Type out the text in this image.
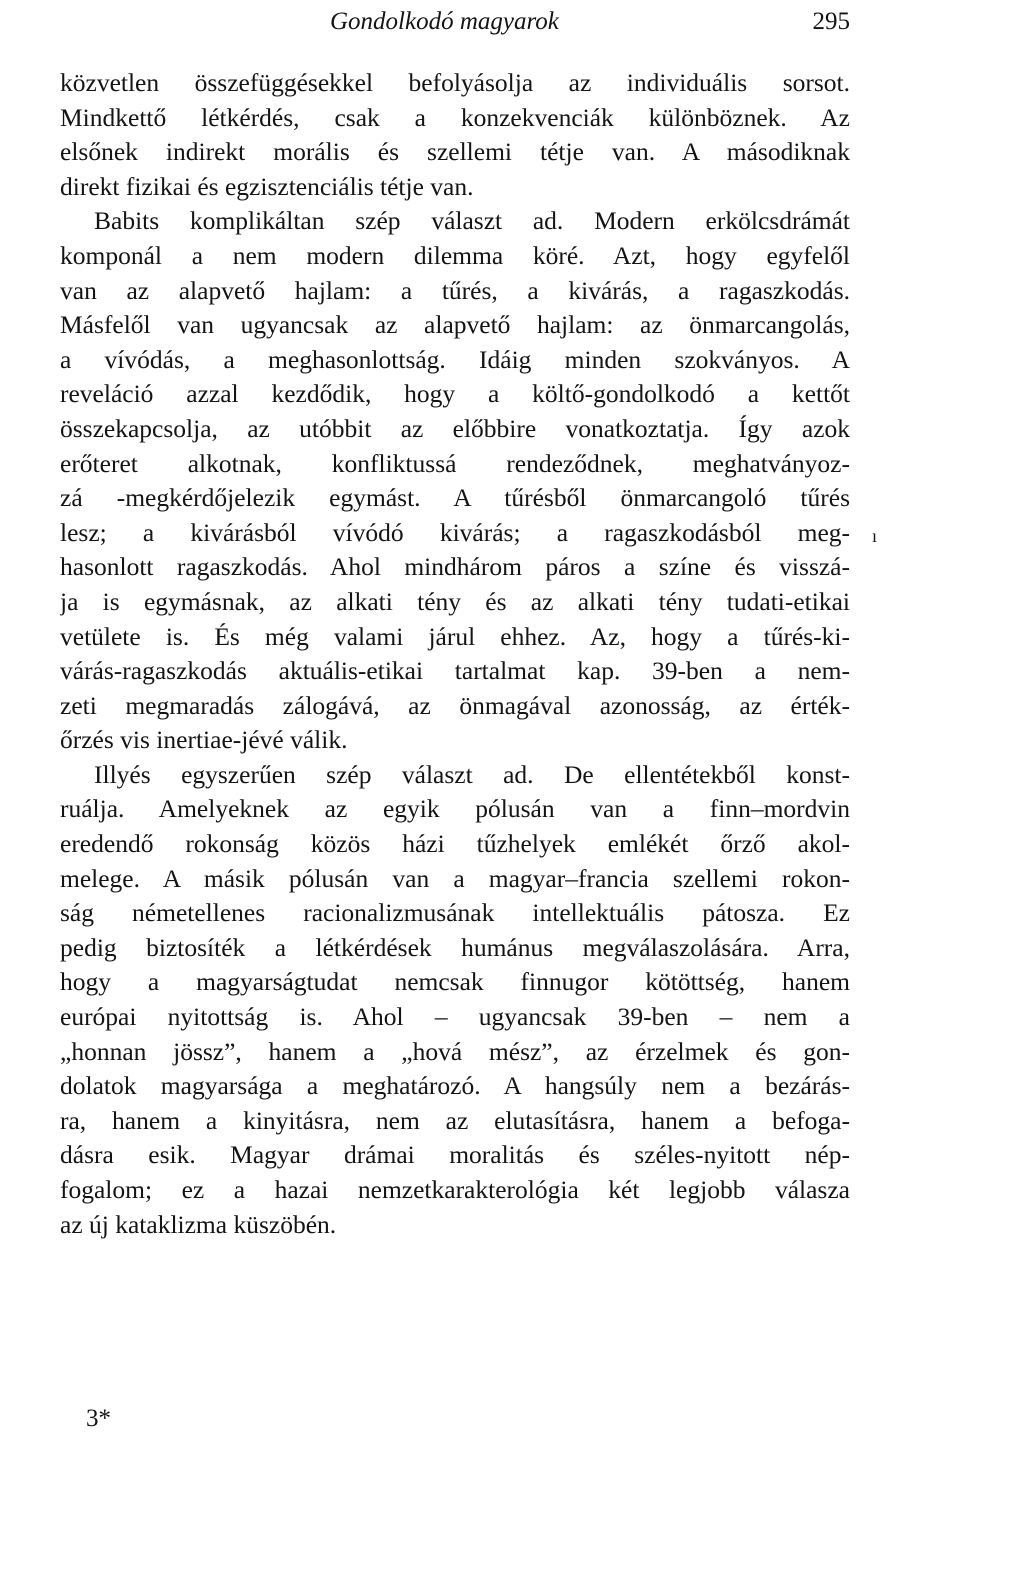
Gondolkodó magyarok	295
közvetlen összefüggésekkel befolyásolja az individuális sorsot.
Mindkettő létkérdés, csak a konzekvenciák különböznek. Az
elsőnek indirekt morális és szellemi tétje van. A másodiknak
direkt fizikai és egzisztenciális tétje van.
Babits komplikáltan szép választ ad. Modern erkölcsdrámát
komponál a nem modern dilemma köré. Azt, hogy egyfelől
van az alapvető hajlam: a tűrés, a kivárás, a ragaszkodás.
Másfelől van ugyancsak az alapvető hajlam: az önmarcangolás,
a vívódás, a meghasonlottság. Idáig minden szokványos. A
reveláció azzal kezdődik, hogy a költő-gondolkodó a kettőt
összekapcsolja, az utóbbit az előbbire vonatkoztatja. Így azok
erőteret alkotnak, konfliktussá rendeződnek, meghatványoz-
zá -megkérdőjelezik egymást. A tűrésből önmarcangoló tűrés
lesz; a kivárásból vívódó kivárás; a ragaszkodásból meg-
hasonlott ragaszkodás. Ahol mindhárom páros a színe és visszá-
ja is egymásnak, az alkati tény és az alkati tény tudati-etikai
vetülete is. És még valami járul ehhez. Az, hogy a tűrés-ki-
várás-ragaszkodás aktuális-etikai tartalmat kap. 39-ben a nem-
zeti megmaradás zálogává, az önmagával azonosság, az érték-
őrzés vis inertiae-jévé válik.
Illyés egyszerűen szép választ ad. De ellentétekből konst-
ruálja. Amelyeknek az egyik pólusán van a finn–mordvin
eredendő rokonság közös házi tűzhelyek emlékét őrző akol-
melege. A másik pólusán van a magyar–francia szellemi rokon-
ság németellenes racionalizmusának intellektuális pátosza. Ez
pedig biztosíték a létkérdések humánus megválaszolására. Arra,
hogy a magyarságtudat nemcsak finnugor kötöttség, hanem
európai nyitottság is. Ahol – ugyancsak 39-ben – nem a
„honnan jössz”, hanem a „hová mész”, az érzelmek és gon-
dolatok magyarsága a meghatározó. A hangsúly nem a bezárás-
ra, hanem a kinyitásra, nem az elutasításra, hanem a befoga-
dásra esik. Magyar drámai moralitás és széles-nyitott nép-
fogalom; ez a hazai nemzetkarakterológia két legjobb válasza
az új kataklizma küszöbén.
ı
3*
